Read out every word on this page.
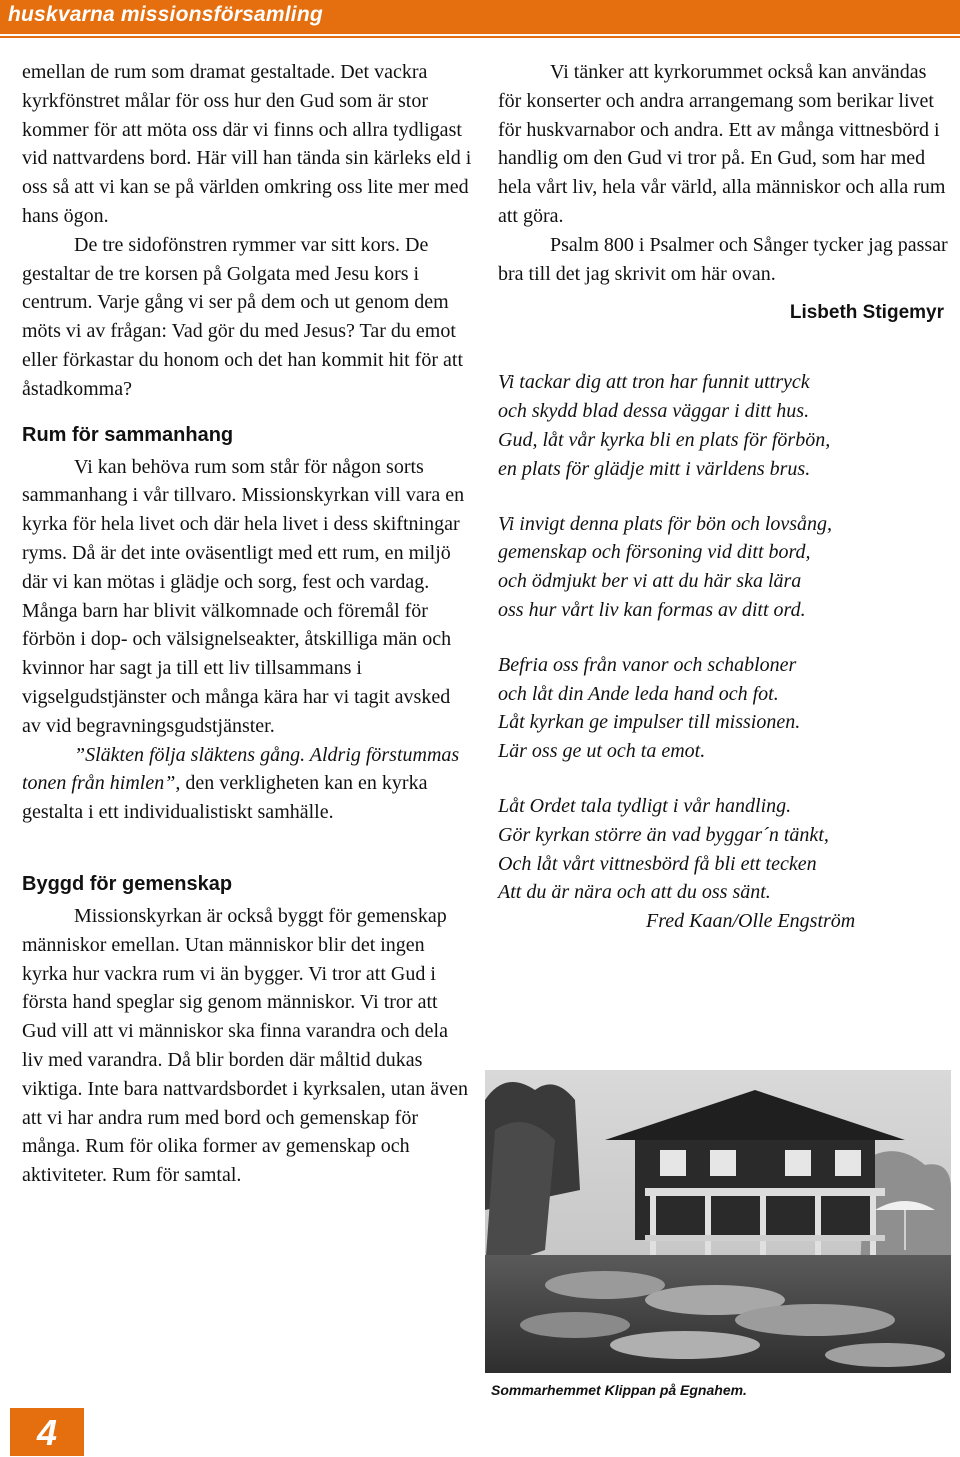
huskvarna missionsförsamling

emellan de rum som dramat gestaltade. Det vackra kyrkfönstret målar för oss hur den Gud som är stor kommer för att möta oss där vi finns och allra tydligast vid nattvardens bord. Här vill han tända sin kärleks eld i oss så att vi kan se på världen omkring oss lite mer med hans ögon.

De tre sidofönstren rymmer var sitt kors. De gestaltar de tre korsen på Golgata med Jesu kors i centrum. Varje gång vi ser på dem och ut genom dem möts vi av frågan: Vad gör du med Jesus? Tar du emot eller förkastar du honom och det han kommit hit för att åstadkomma?

Rum för sammanhang

Vi kan behöva rum som står för någon sorts sammanhang i vår tillvaro. Missionskyrkan vill vara en kyrka för hela livet och där hela livet i dess skiftningar ryms. Då är det inte oväsentligt med ett rum, en miljö där vi kan mötas i glädje och sorg, fest och vardag. Många barn har blivit välkomnade och föremål för förbön i dop- och välsignelseakter, åtskilliga män och kvinnor har sagt ja till ett liv tillsammans i vigselgudstjänster och många kära har vi tagit avsked av vid begravningsgudstjänster.

”Släkten följa släktens gång. Aldrig förstummas tonen från himlen”, den verkligheten kan en kyrka gestalta i ett individualistiskt samhälle.

Byggd för gemenskap

Missionskyrkan är också byggt för gemenskap människor emellan. Utan människor blir det ingen kyrka hur vackra rum vi än bygger. Vi tror att Gud i första hand speglar sig genom människor. Vi tror att Gud vill att vi människor ska finna varandra och dela liv med varandra. Då blir borden där måltid dukas viktiga. Inte bara nattvardsbordet i kyrksalen, utan även att vi har andra rum med bord och gemenskap för många. Rum för olika former av gemenskap och aktiviteter. Rum för samtal.

Vi tänker att kyrkorummet också kan användas för konserter och andra arrangemang som berikar livet för huskvarnabor och andra. Ett av många vittnesbörd i handlig om den Gud vi tror på. En Gud, som har med hela vårt liv, hela vår värld, alla människor och alla rum att göra.

Psalm 800 i Psalmer och Sånger tycker jag passar bra till det jag skrivit om här ovan.

Lisbeth Stigemyr

Vi tackar dig att tron har funnit uttryck

och skydd blad dessa väggar i ditt hus.

Gud, låt vår kyrka bli en plats för förbön,

en plats för glädje mitt i världens brus.

Vi invigt denna plats för bön och lovsång,

gemenskap och försoning vid ditt bord,

och ödmjukt ber vi att du här ska lära

oss hur vårt liv kan formas av ditt ord.

Befria oss från vanor och schabloner

och låt din Ande leda hand och fot.

Låt kyrkan ge impulser till missionen.

Lär oss ge ut och ta emot.

Låt Ordet tala tydligt i vår handling.

Gör kyrkan större än vad byggar´n tänkt,

Och låt vårt vittnesbörd få bli ett tecken

Att du är nära och att du oss sänt.

Fred Kaan/Olle Engström

Sommarhemmet Klippan på Egnahem.
4
